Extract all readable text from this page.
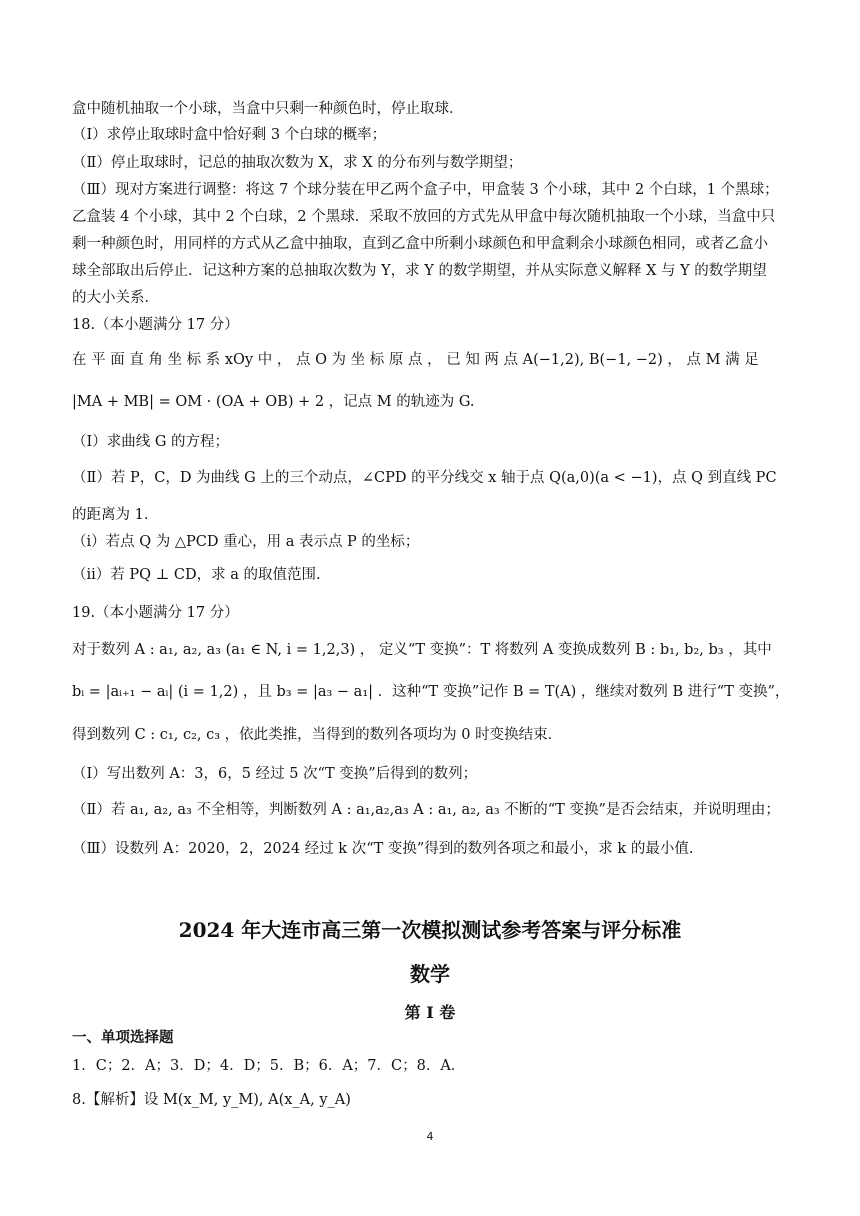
盒中随机抽取一个小球，当盒中只剩一种颜色时，停止取球．
（Ⅰ）求停止取球时盒中恰好剩 3 个白球的概率；
（Ⅱ）停止取球时，记总的抽取次数为 X，求 X 的分布列与数学期望；
（Ⅲ）现对方案进行调整：将这 7 个球分装在甲乙两个盒子中，甲盒装 3 个小球，其中 2 个白球，1 个黑球；
乙盒装 4 个小球，其中 2 个白球，2 个黑球．采取不放回的方式先从甲盒中每次随机抽取一个小球，当盒中只
剩一种颜色时，用同样的方式从乙盒中抽取，直到乙盒中所剩小球颜色和甲盒剩余小球颜色相同，或者乙盒小
球全部取出后停止．记这种方案的总抽取次数为 Y，求 Y 的数学期望，并从实际意义解释 X 与 Y 的数学期望
的大小关系．
18.（本小题满分 17 分）
在 平 面 直 角 坐 标 系 xOy 中 ， 点 O 为 坐 标 原 点 ， 已 知 两 点 A(−1,2), B(−1, −2) ， 点 M 满 足
|MA + MB| = OM · (OA + OB) + 2 ，记点 M 的轨迹为 G.
（Ⅰ）求曲线 G 的方程；
（Ⅱ）若 P，C，D 为曲线 G 上的三个动点，∠CPD 的平分线交 x 轴于点 Q(a,0)(a < −1)，点 Q 到直线 PC
的距离为 1.
（ⅰ）若点 Q 为 △PCD 重心，用 a 表示点 P 的坐标；
（ⅱ）若 PQ ⊥ CD，求 a 的取值范围.
19.（本小题满分 17 分）
对于数列 A : a₁, a₂, a₃ (a₁ ∈ N, i = 1,2,3) ， 定义“T 变换”：T 将数列 A 变换成数列 B : b₁, b₂, b₃ ，其中
bᵢ = |aᵢ₊₁ − aᵢ| (i = 1,2) ，且 b₃ = |a₃ − a₁| ．这种“T 变换”记作 B = T(A) ，继续对数列 B 进行“T 变换”，
得到数列 C : c₁, c₂, c₃ ，依此类推，当得到的数列各项均为 0 时变换结束．
（Ⅰ）写出数列 A：3，6，5 经过 5 次“T 变换”后得到的数列；
（Ⅱ）若 a₁, a₂, a₃ 不全相等，判断数列 A : a₁,a₂,a₃ A : a₁, a₂, a₃ 不断的“T 变换”是否会结束，并说明理由；
（Ⅲ）设数列 A：2020，2，2024 经过 k 次“T 变换”得到的数列各项之和最小，求 k 的最小值.
2024 年大连市高三第一次模拟测试参考答案与评分标准
数学
第 Ⅰ 卷
一、单项选择题
1．C；2．A；3．D；4．D；5．B；6．A；7．C；8．A．
8.【解析】设 M(x_M, y_M), A(x_A, y_A)
4
